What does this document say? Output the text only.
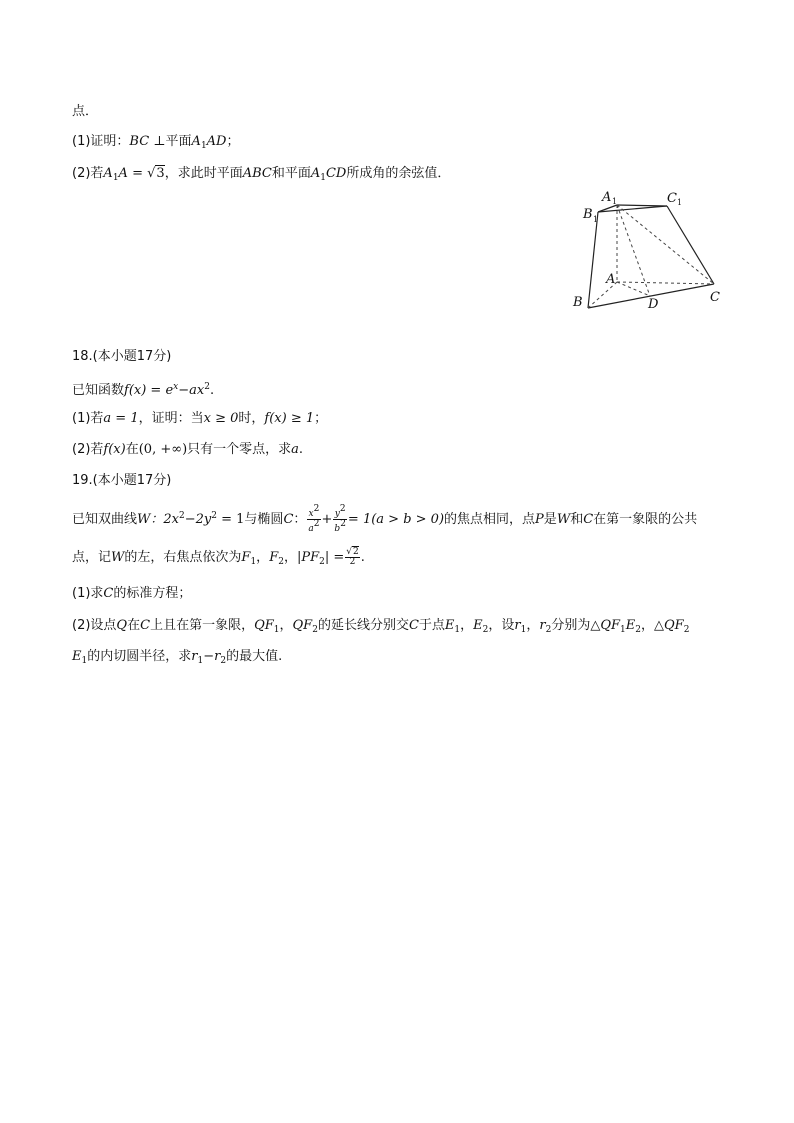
点．
(1)证明：BC ⊥平面$A_1AD$；
(2)若$A_1A = √3$，求此时平面ABC和平面$A_1CD$所成角的余弦值．
A 1	C 1
B 1
A
B	C
D
18.(本小题17分)
已知函数$f(x) = e^x-ax^2$.
(1)若a = 1，证明：当x ≥ 0时，f(x) ≥ 1；
(2)若f(x)在(0, +∞)只有一个零点，求a.
19.(本小题17分)
已知双曲线W：$2x^2-2y^2 = 1$与椭圆C： $\frac{x^2}{a^2} + \frac{y^2}{b^2} = 1(a > b > 0)$的焦点相同，点P是W和C在第一象限的公共
点，记W的左，右焦点依次为$F_1$，$F_2$，$|PF_2| = \frac{√2}{2}$ .
(1)求C的标准方程；
(2)设点Q在C上且在第一象限，$QF_1$，$QF_2$的延长线分别交C于点$E_1$，$E_2$，设$r_1$，$r_2$分别为$\triangle QF_1E_2$，$\triangle QF_2$
$E_1$的内切圆半径，求$r_1-r_2$的最大值.
